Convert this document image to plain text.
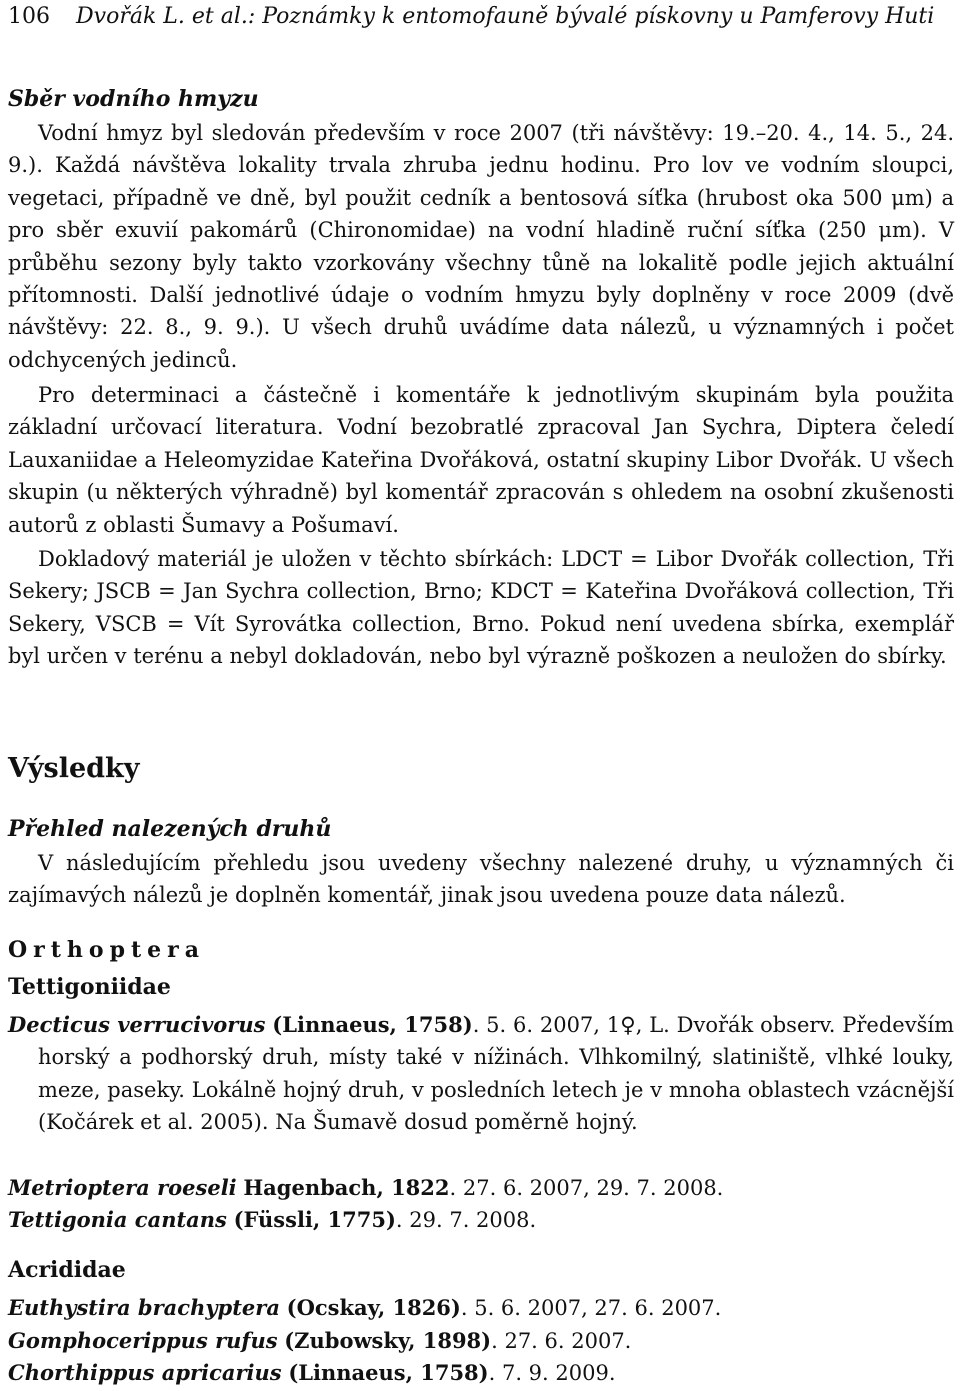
106 Dvořák L. et al.: Poznámky k entomofauně bývalé pískovny u Pamferovy Huti
Sběr vodního hmyzu

Vodní hmyz byl sledován především v roce 2007 (tři návštěvy: 19.–20. 4., 14. 5., 24. 9.). Každá návštěva lokality trvala zhruba jednu hodinu. Pro lov ve vodním sloupci, vegetaci, případně ve dně, byl použit cedník a bentosová síťka (hrubost oka 500 μm) a pro sběr exuvií pakomárů (Chironomidae) na vodní hladině ruční síťka (250 μm). V průběhu sezony byly takto vzorkovány všechny tůně na lokalitě podle jejich aktuální přítomnosti. Další jednotlivé údaje o vodním hmyzu byly doplněny v roce 2009 (dvě návštěvy: 22. 8., 9. 9.). U všech druhů uvádíme data nálezů, u významných i počet odchycených jedinců.

Pro determinaci a částečně i komentáře k jednotlivým skupinám byla použita základní určovací literatura. Vodní bezobratlé zpracoval Jan Sychra, Diptera čeledí Lauxaniidae a Heleomyzidae Kateřina Dvořáková, ostatní skupiny Libor Dvořák. U všech skupin (u některých výhradně) byl komentář zpracován s ohledem na osobní zkušenosti autorů z oblasti Šumavy a Pošumaví.

Dokladový materiál je uložen v těchto sbírkách: LDCT = Libor Dvořák collection, Tři Sekery; JSCB = Jan Sychra collection, Brno; KDCT = Kateřina Dvořáková collection, Tři Sekery, VSCB = Vít Syrovátka collection, Brno. Pokud není uvedena sbírka, exemplář byl určen v terénu a nebyl dokladován, nebo byl výrazně poškozen a neuložen do sbírky.

Výsledky
Přehled nalezených druhů

V následujícím přehledu jsou uvedeny všechny nalezené druhy, u významných či zajímavých nálezů je doplněn komentář, jinak jsou uvedena pouze data nálezů.

Orthoptera
Tettigoniidae

Decticus verrucivorus (Linnaeus, 1758). 5. 6. 2007, 1♀, L. Dvořák observ. Především horský a podhorský druh, místy také v nížinách. Vlhkomilný, slatiniště, vlhké louky, meze, paseky. Lokálně hojný druh, v posledních letech je v mnoha oblastech vzácnější (Kočárek et al. 2005). Na Šumavě dosud poměrně hojný.

Metrioptera roeseli Hagenbach, 1822. 27. 6. 2007, 29. 7. 2008.

Tettigonia cantans (Füssli, 1775). 29. 7. 2008.

Acrididae

Euthystira brachyptera (Ocskay, 1826). 5. 6. 2007, 27. 6. 2007.

Gomphocerippus rufus (Zubowsky, 1898). 27. 6. 2007.

Chorthippus apricarius (Linnaeus, 1758). 7. 9. 2009.
